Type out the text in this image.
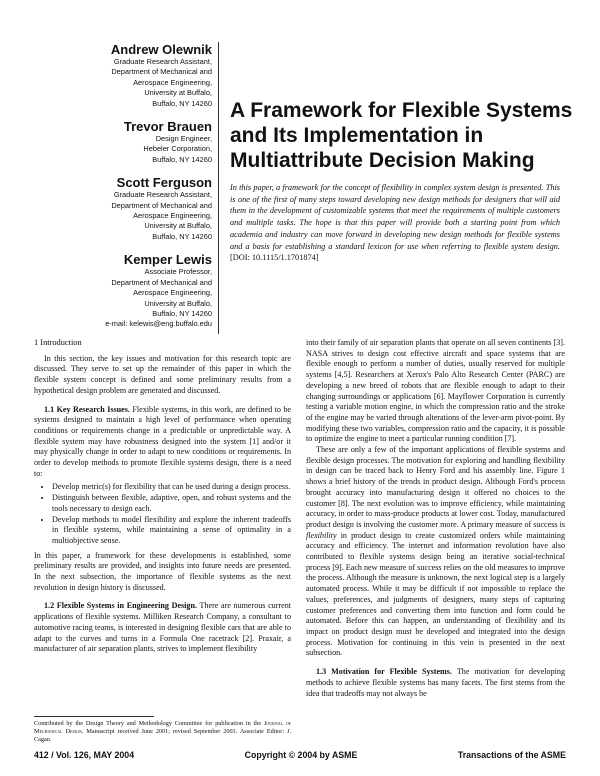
Andrew Olewnik
Graduate Research Assistant,
Department of Mechanical and
Aerospace Engineering,
University at Buffalo,
Buffalo, NY 14260
Trevor Brauen
Design Engineer,
Hebeler Corporation,
Buffalo, NY 14260
Scott Ferguson
Graduate Research Assistant,
Department of Mechanical and
Aerospace Engineering,
University at Buffalo,
Buffalo, NY 14260
Kemper Lewis
Associate Professor,
Department of Mechanical and
Aerospace Engineering,
University at Buffalo,
Buffalo, NY 14260
e-mail: kelewis@eng.buffalo.edu
A Framework for Flexible Systems
and Its Implementation in
Multiattribute Decision Making
In this paper, a framework for the concept of flexibility in complex system design is presented. This is one of the first of many steps toward developing new design methods for designers that will aid them in the development of customizable systems that meet the requirements of multiple customers and multiple tasks. The hope is that this paper will provide both a starting point from which academia and industry can move forward in developing new design methods for flexible systems and a basis for establishing a standard lexicon for use when referring to flexible system design. [DOI: 10.1115/1.1701874]
1 Introduction

In this section, the key issues and motivation for this research topic are discussed. They serve to set up the remainder of this paper in which the flexible system concept is defined and some preliminary results from a hypothetical design problem are generated and discussed.

1.1 Key Research Issues. Flexible systems, in this work, are defined to be systems designed to maintain a high level of performance when operating conditions or requirements change in a predictable or unpredictable way. A flexible system may have robustness designed into the system [1] and/or it may physically change in order to adapt to new conditions or requirements. In order to develop methods to promote flexible systems design, there is a need to:

• Develop metric(s) for flexibility that can be used during a design process.
• Distinguish between flexible, adaptive, open, and robust systems and the tools necessary to design each.
• Develop methods to model flexibility and explore the inherent tradeoffs in flexible systems, while maintaining a sense of optimality in a multiobjective sense.

In this paper, a framework for these developments is established, some preliminary results are provided, and insights into future needs are presented. In the next subsection, the importance of flexible systems as the next revolution in design history is discussed.

1.2 Flexible Systems in Engineering Design. There are numerous current applications of flexible systems. Milliken Research Company, a consultant to automotive racing teams, is interested in designing flexible cars that are able to adapt to the curves and turns in a Formula One racetrack [2]. Praxair, a manufacturer of air separation plants, strives to implement flexibility

into their family of air separation plants that operate on all seven continents [3]. NASA strives to design cost effective aircraft and space systems that are flexible enough to perform a number of duties, usually reserved for multiple systems [4,5]. Researchers at Xerox's Palo Alto Research Center (PARC) are developing a new breed of robots that are flexible enough to adapt to their changing surroundings or applications [6]. Mayflower Corporation is currently testing a variable motion engine, in which the compression ratio and the stroke of the engine may be varied through alterations of the lever-arm pivot-point. By modifying these two variables, compression ratio and the capacity, it is possible to optimize the engine to meet a particular running condition [7].

These are only a few of the important applications of flexible systems and flexible design processes. The motivation for exploring and handling flexibility in design can be traced back to Henry Ford and his assembly line. Figure 1 shows a brief history of the trends in product design. Although Ford's process brought accuracy into manufacturing design it offered no choices to the customer [8]. The next evolution was to improve efficiency, while maintaining accuracy, in order to mass-produce products at lower cost. Today, manufactured product design is involving the customer more. A primary measure of success is flexibility in product design to create customized orders while maintaining accuracy and efficiency. The internet and information revolution have also contributed to flexible systems design being an iterative social-technical process [9]. Each new measure of success relies on the old measures to improve the process. Although the measure is unknown, the next logical step is a largely automated process. While it may be difficult if not impossible to replace the values, preferences, and judgments of designers, many steps of capturing customer preferences and converting them into function and form could be automated. Before this can happen, an understanding of flexibility and its impact on product design must be developed and integrated into the design process. Motivation for continuing in this vein is presented in the next subsection.

1.3 Motivation for Flexible Systems. The motivation for developing methods to achieve flexible systems has many facets. The first stems from the idea that tradeoffs may not always be

Contributed by the Design Theory and Methodology Committee for publication in the Journal of Mechanical Design. Manuscript received June 2001; revised September 2003. Associate Editor: J. Cagan.
412 / Vol. 126, MAY 2004	Copyright © 2004 by ASME	Transactions of the ASME
